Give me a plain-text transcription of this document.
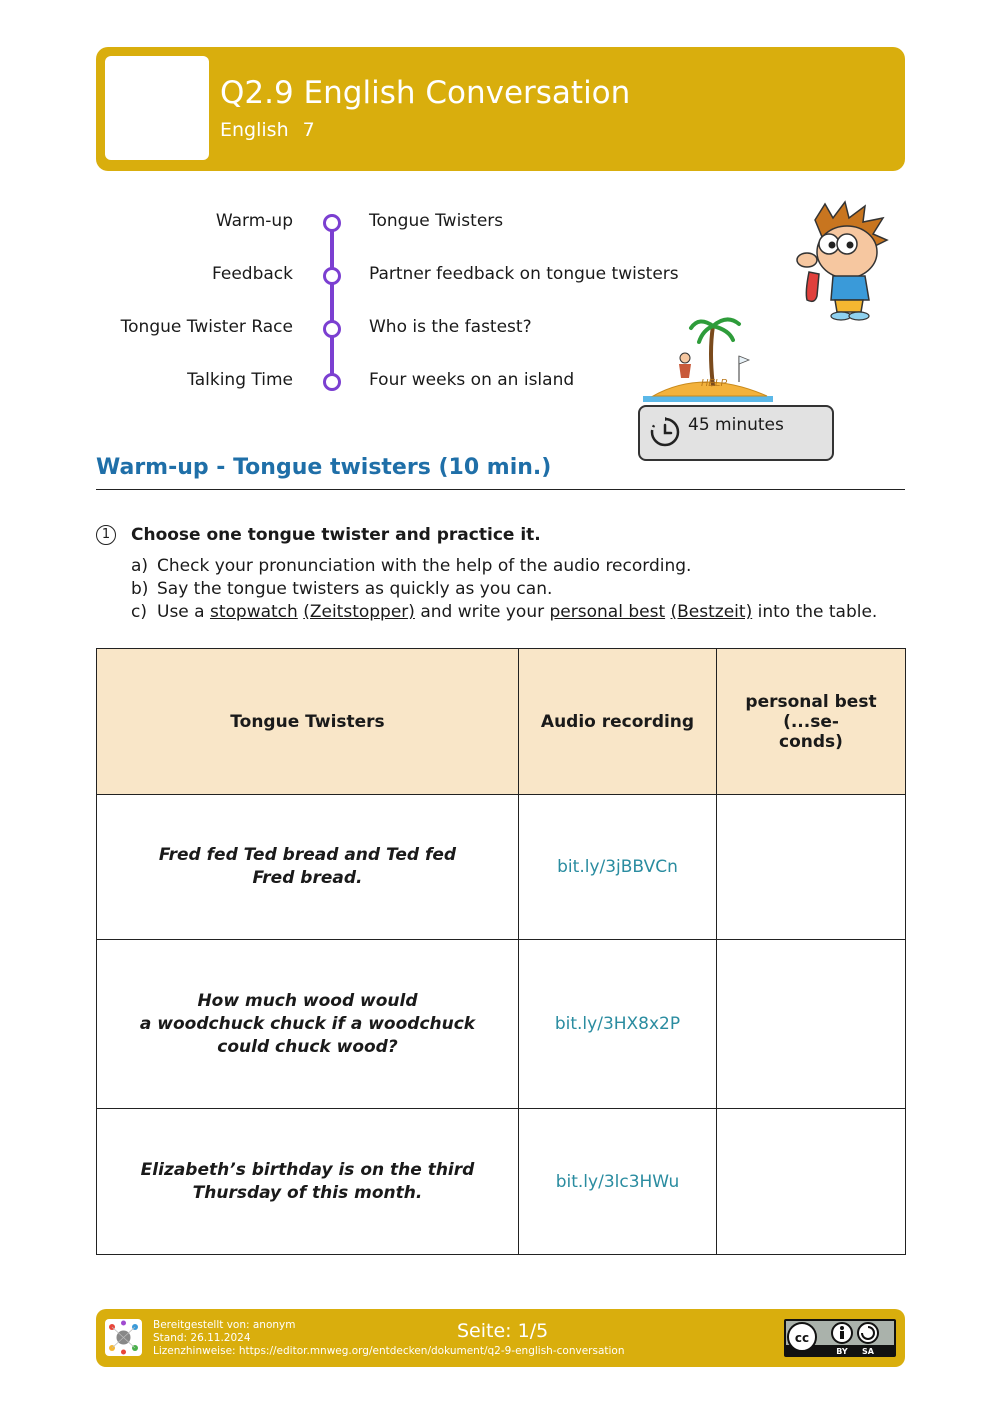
Q2.9 English Conversation
English 7
Warm-up	Tongue Twisters
Feedback	Partner feedback on tongue twisters
Tongue Twister Race	Who is the fastest?
Talking Time	Four weeks on an island	HELP
45 minutes
Warm-up - Tongue twisters (10 min.)
1	Choose one tongue twister and practice it.
a) Check your pronunciation with the help of the audio recording.
b) Say the tongue twisters as quickly as you can.
c) Use a stopwatch (Zeitstopper) and write your personal best (Bestzeit) into the table.
Tongue Twisters	Audio recording	personal best (...se-
conds)
Fred fed Ted bread and Ted fed
Fred bread.	bit.ly/3jBBVCn	
How much wood would
a woodchuck chuck if a woodchuck
could chuck wood?	bit.ly/3HX8x2P	
Elizabeth’s birthday is on the third
Thursday of this month.	bit.ly/3lc3HWu	
Bereitgestellt von: anonym
Stand: 26.11.2024
Lizenzhinweise: https://editor.mnweg.org/entdecken/dokument/q2-9-english-conversation
Seite: 1/5	cc
BY SA
